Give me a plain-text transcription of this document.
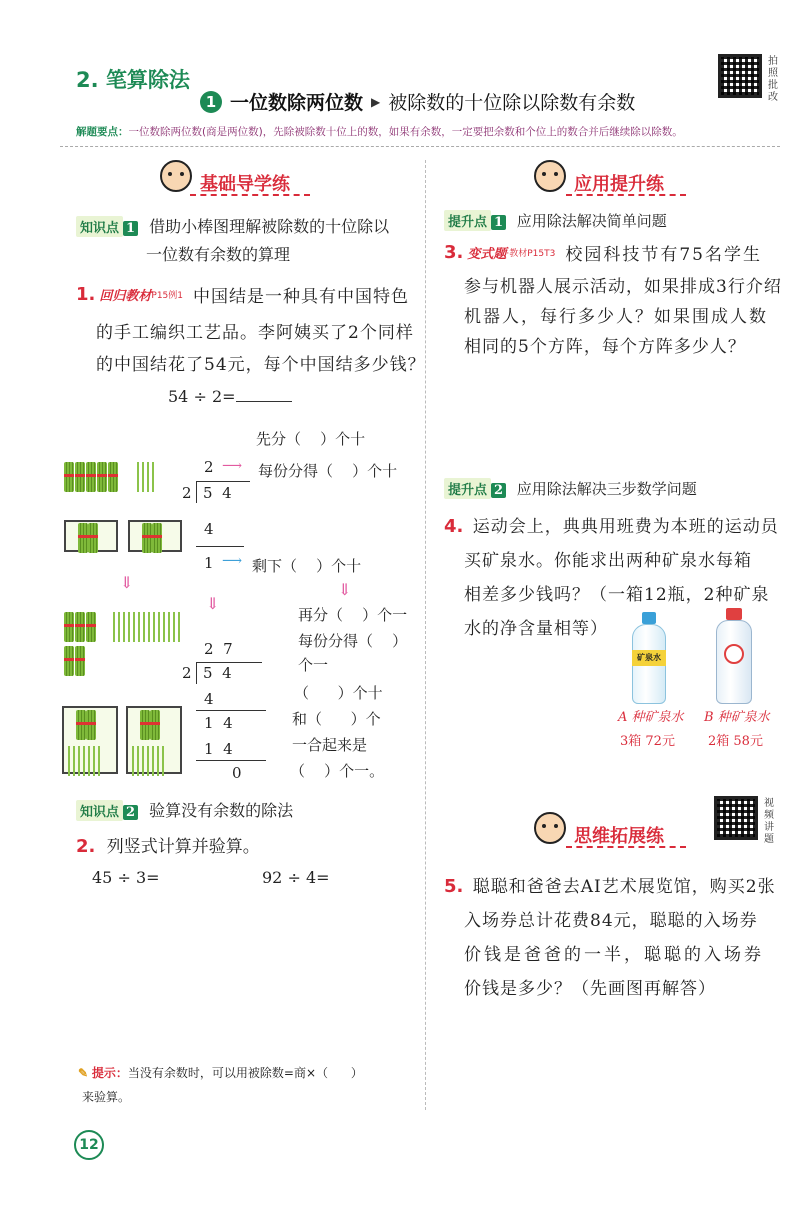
2. 笔算除法
1 一位数除两位数 ▶ 被除数的十位除以除数有余数
拍照批改
解题要点：一位数除两位数(商是两位数)，先除被除数十位上的数，如果有余数，一定要把余数和个位上的数合并后继续除以除数。
基础导学练
知识点 1 借助小棒图理解被除数的十位除以
一位数有余数的算理
1. 回归教材 P15例1 中国结是一种具有中国特色
的手工编织工艺品。李阿姨买了2个同样
的中国结花了54元，每个中国结多少钱？
54 ÷ 2=

2
2 5  4
4
1
先分（    ）个十
⟶ 每份分得（    ）个十
⟶ 剩下（    ）个十
⇓
⇓
⇓

2  7
2 5  4
4
1  4
1  4
0
再分（    ）个一
每份分得（    ）
个一
（      ）个十
和（      ）个
一合起来是
（    ）个一。
知识点 2 验算没有余数的除法
2. 列竖式计算并验算。
45 ÷ 3=	92 ÷ 4=
✎ 提示：当没有余数时，可以用被除数=商×（      ）
来验算。
12
应用提升练
提升点 1 应用除法解决简单问题
3. 变式题 ·教材P15T3 校园科技节有75名学生
参与机器人展示活动，如果排成3行介绍
机器人，每行多少人？如果围成人数
相同的5个方阵，每个方阵多少人？
提升点 2 应用除法解决三步数学问题
4. 运动会上，典典用班费为本班的运动员
买矿泉水。你能求出两种矿泉水每箱
相差多少钱吗？（一箱12瓶，2种矿泉
水的净含量相等）
矿泉水
A 种矿泉水
3箱 72元
B 种矿泉水
2箱 58元
视频讲题
思维拓展练
5. 聪聪和爸爸去AI艺术展览馆，购买2张
入场券总计花费84元，聪聪的入场券
价钱是爸爸的一半，聪聪的入场券
价钱是多少？（先画图再解答）
